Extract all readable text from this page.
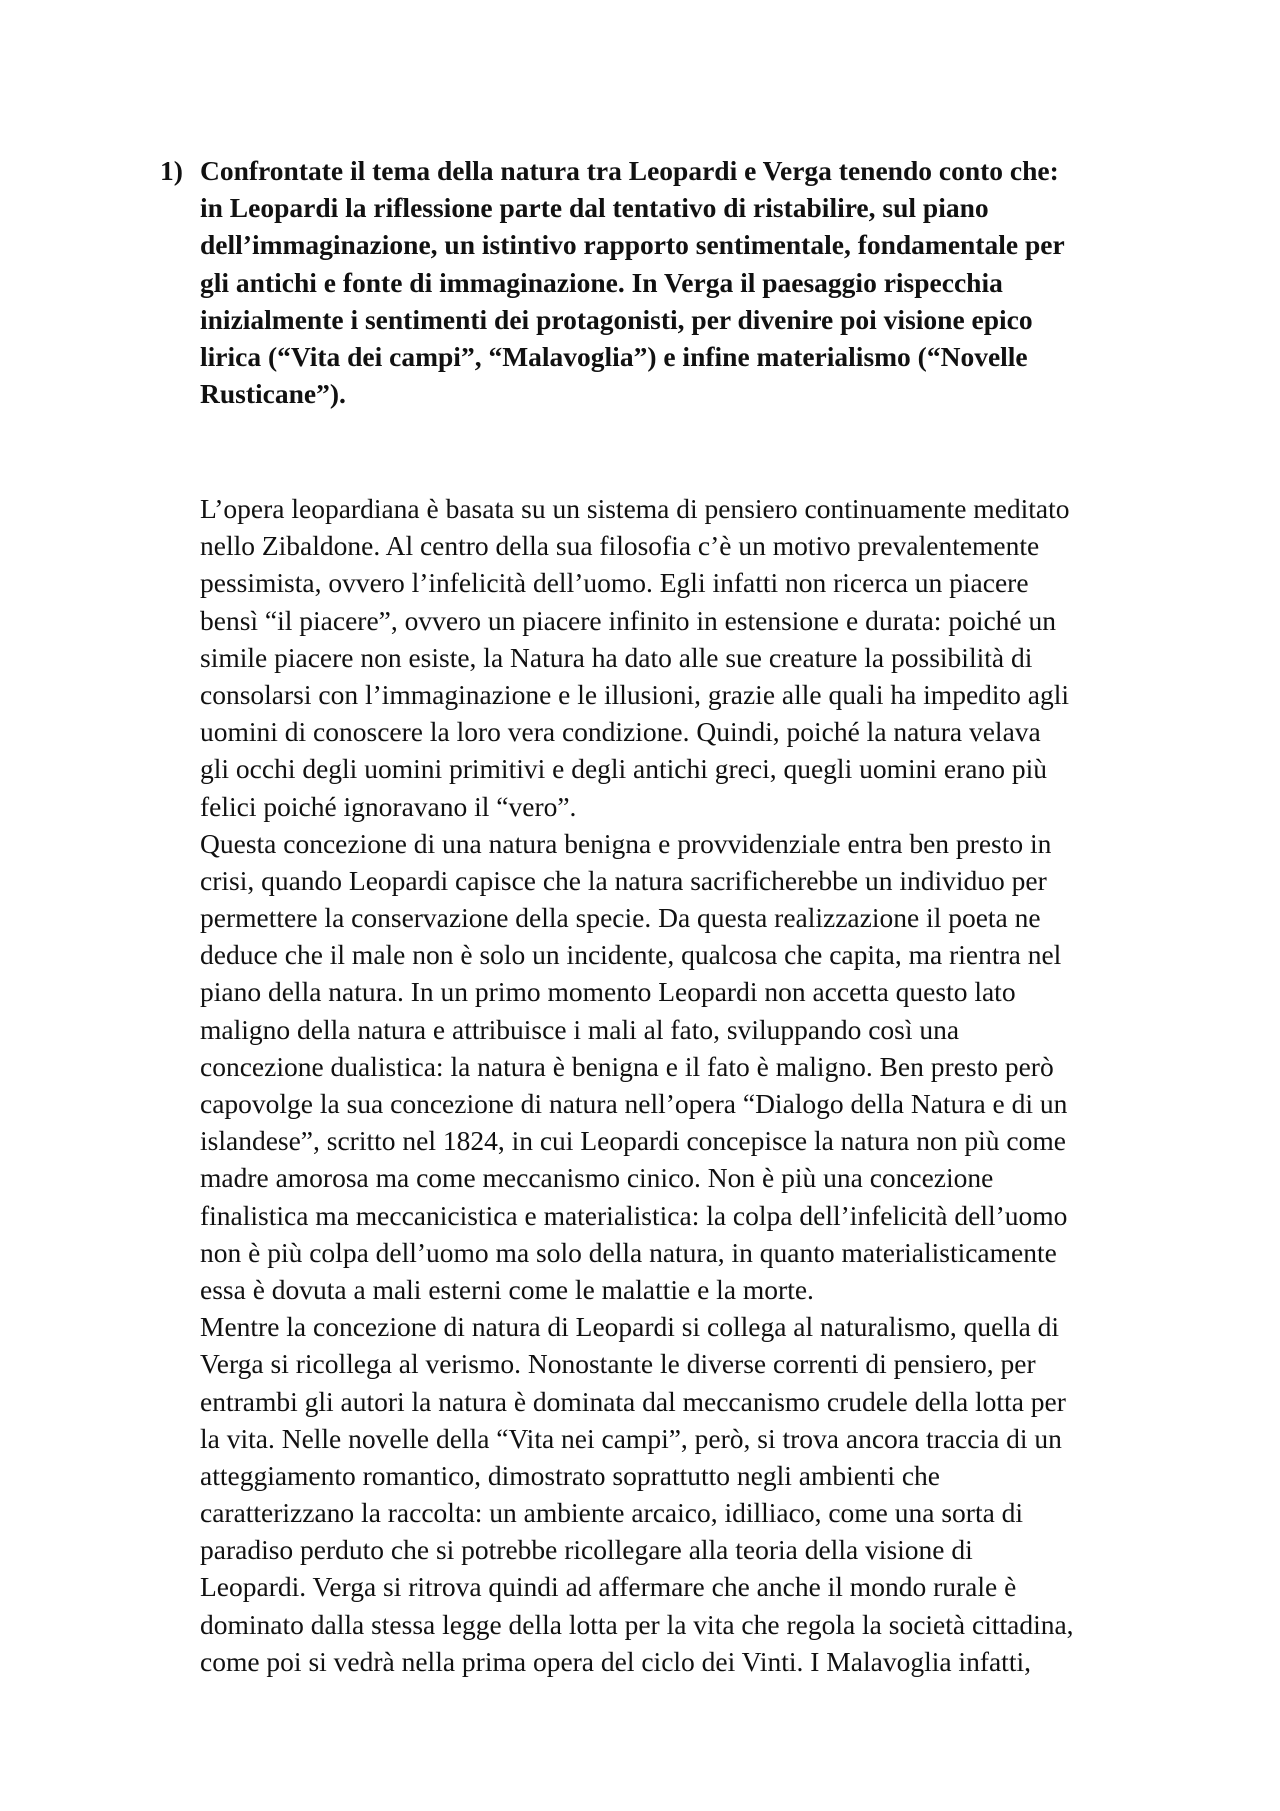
1) Confrontate il tema della natura tra Leopardi e Verga tenendo conto che:
in Leopardi la riflessione parte dal tentativo di ristabilire, sul piano
dell’immaginazione, un istintivo rapporto sentimentale, fondamentale per
gli antichi e fonte di immaginazione. In Verga il paesaggio rispecchia
inizialmente i sentimenti dei protagonisti, per divenire poi visione epico
lirica (“Vita dei campi”, “Malavoglia”) e infine materialismo (“Novelle
Rusticane”).
L’opera leopardiana è basata su un sistema di pensiero continuamente meditato
nello Zibaldone. Al centro della sua filosofia c’è un motivo prevalentemente
pessimista, ovvero l’infelicità dell’uomo. Egli infatti non ricerca un piacere
bensì “il piacere”, ovvero un piacere infinito in estensione e durata: poiché un
simile piacere non esiste, la Natura ha dato alle sue creature la possibilità di
consolarsi con l’immaginazione e le illusioni, grazie alle quali ha impedito agli
uomini di conoscere la loro vera condizione. Quindi, poiché la natura velava
gli occhi degli uomini primitivi e degli antichi greci, quegli uomini erano più
felici poiché ignoravano il “vero”.
Questa concezione di una natura benigna e provvidenziale entra ben presto in
crisi, quando Leopardi capisce che la natura sacrificherebbe un individuo per
permettere la conservazione della specie. Da questa realizzazione il poeta ne
deduce che il male non è solo un incidente, qualcosa che capita, ma rientra nel
piano della natura. In un primo momento Leopardi non accetta questo lato
maligno della natura e attribuisce i mali al fato, sviluppando così una
concezione dualistica: la natura è benigna e il fato è maligno. Ben presto però
capovolge la sua concezione di natura nell’opera “Dialogo della Natura e di un
islandese”, scritto nel 1824, in cui Leopardi concepisce la natura non più come
madre amorosa ma come meccanismo cinico. Non è più una concezione
finalistica ma meccanicistica e materialistica: la colpa dell’infelicità dell’uomo
non è più colpa dell’uomo ma solo della natura, in quanto materialisticamente
essa è dovuta a mali esterni come le malattie e la morte.
Mentre la concezione di natura di Leopardi si collega al naturalismo, quella di
Verga si ricollega al verismo. Nonostante le diverse correnti di pensiero, per
entrambi gli autori la natura è dominata dal meccanismo crudele della lotta per
la vita. Nelle novelle della “Vita nei campi”, però, si trova ancora traccia di un
atteggiamento romantico, dimostrato soprattutto negli ambienti che
caratterizzano la raccolta: un ambiente arcaico, idilliaco, come una sorta di
paradiso perduto che si potrebbe ricollegare alla teoria della visione di
Leopardi. Verga si ritrova quindi ad affermare che anche il mondo rurale è
dominato dalla stessa legge della lotta per la vita che regola la società cittadina,
come poi si vedrà nella prima opera del ciclo dei Vinti. I Malavoglia infatti,
